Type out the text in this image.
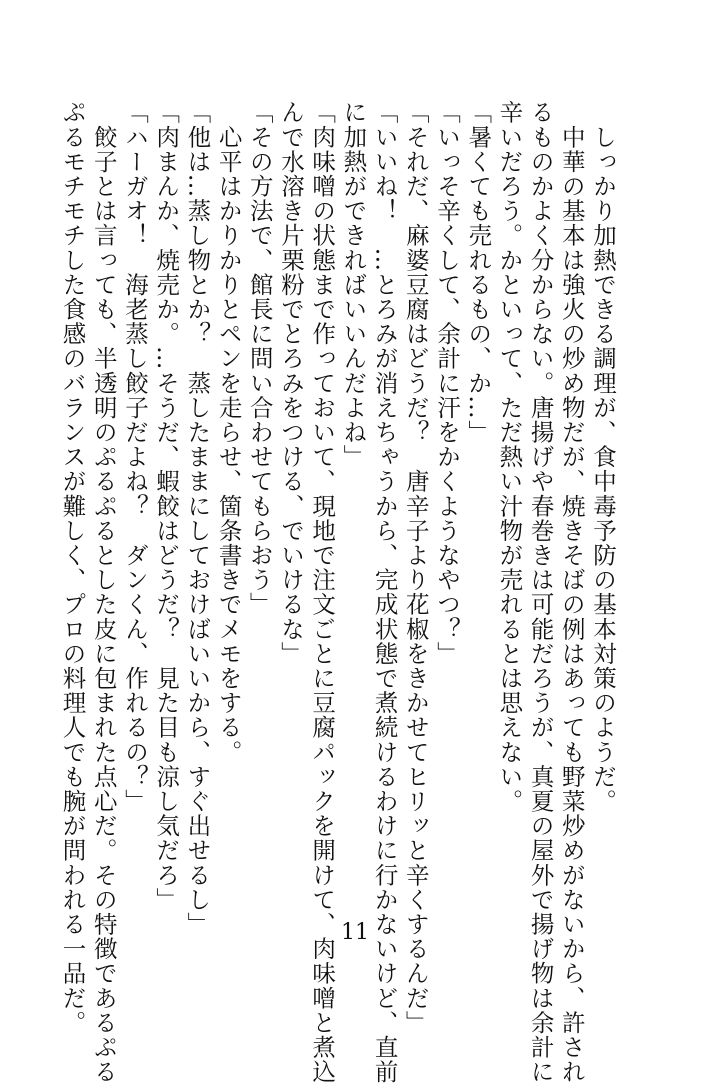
　しっかり加熱できる調理が、食中毒予防の基本対策のようだ。
　中華の基本は強火の炒め物だが、焼きそばの例はあっても野菜炒めがないから、許され
るものかよく分からない。唐揚げや春巻きは可能だろうが、真夏の屋外で揚げ物は余計に
辛いだろう。かといって、ただ熱い汁物が売れるとは思えない。
「暑くても売れるもの、か…」
「いっそ辛くして、余計に汗をかくようなやつ？」
「それだ、麻婆豆腐はどうだ？　唐辛子より花椒をきかせてヒリッと辛くするんだ」
「いいね！　…とろみが消えちゃうから、完成状態で煮続けるわけに行かないけど、直前
に加熱ができればいいんだよね」
「肉味噌の状態まで作っておいて、現地で注文ごとに豆腐パックを開けて、肉味噌と煮込
んで水溶き片栗粉でとろみをつける、でいけるな」
「その方法で、館長に問い合わせてもらおう」
　心平はかりかりとペンを走らせ、箇条書きでメモをする。
「他は…蒸し物とか？　蒸したままにしておけばいいから、すぐ出せるし」
「肉まんか、焼売か。…そうだ、蝦餃はどうだ？　見た目も涼し気だろ」
「ハーガオ！　海老蒸し餃子だよね？　ダンくん、作れるの？」
　餃子とは言っても、半透明のぷるぷるとした皮に包まれた点心だ。その特徴であるぷる
ぷるモチモチした食感のバランスが難しく、プロの料理人でも腕が問われる一品だ。	11
